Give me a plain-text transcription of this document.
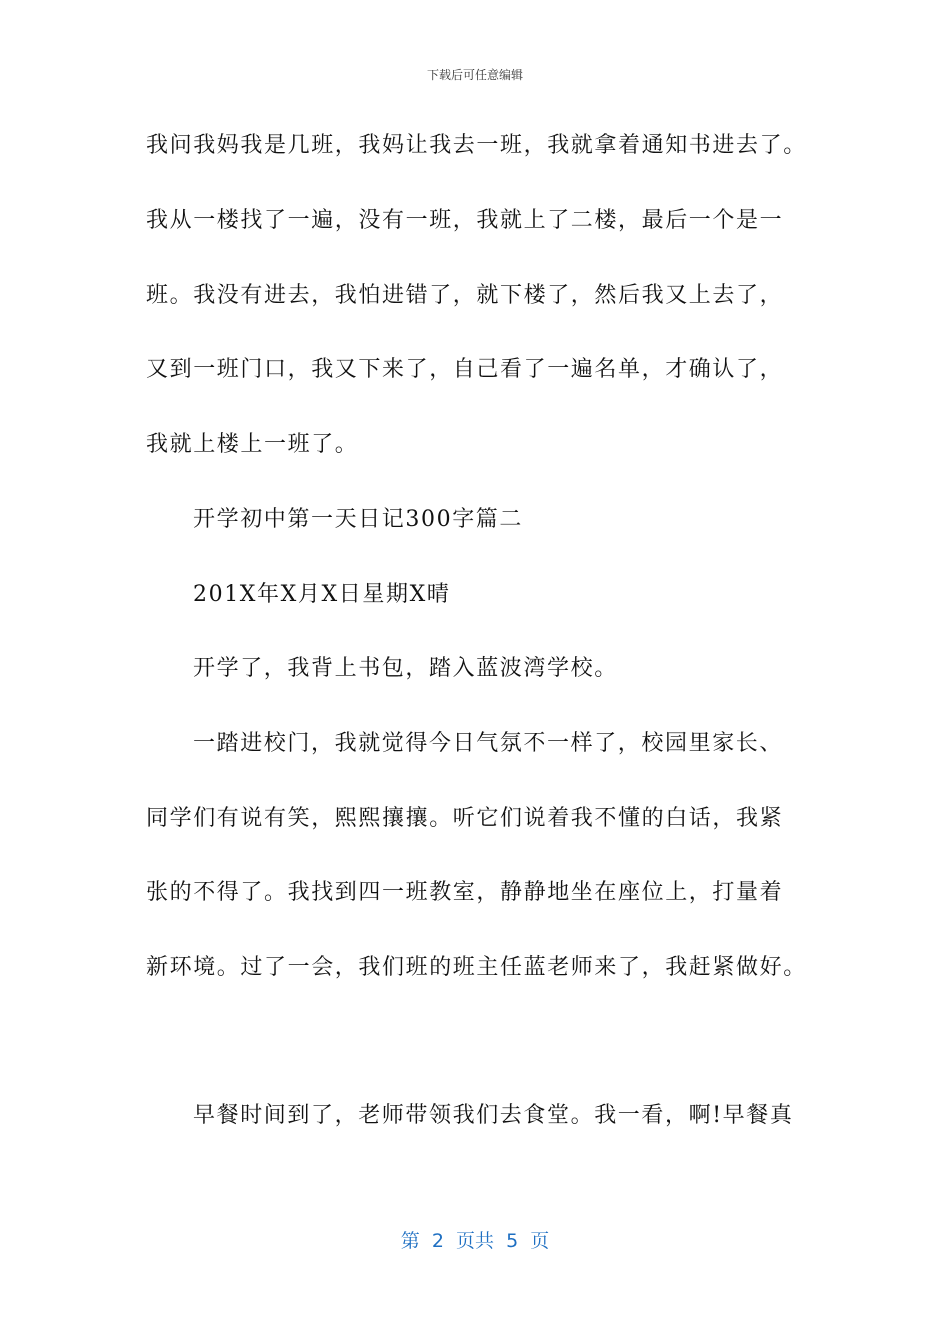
下载后可任意编辑
我问我妈我是几班，我妈让我去一班，我就拿着通知书进去了。
我从一楼找了一遍，没有一班，我就上了二楼，最后一个是一
班。我没有进去，我怕进错了，就下楼了，然后我又上去了，
又到一班门口，我又下来了，自己看了一遍名单，才确认了，
我就上楼上一班了。
开学初中第一天日记300字篇二
201X年X月X日星期X晴
开学了，我背上书包，踏入蓝波湾学校。
一踏进校门，我就觉得今日气氛不一样了，校园里家长、
同学们有说有笑，熙熙攘攘。听它们说着我不懂的白话，我紧
张的不得了。我找到四一班教室，静静地坐在座位上，打量着
新环境。过了一会，我们班的班主任蓝老师来了，我赶紧做好。
早餐时间到了，老师带领我们去食堂。我一看，啊!早餐真
第  2  页共  5  页
